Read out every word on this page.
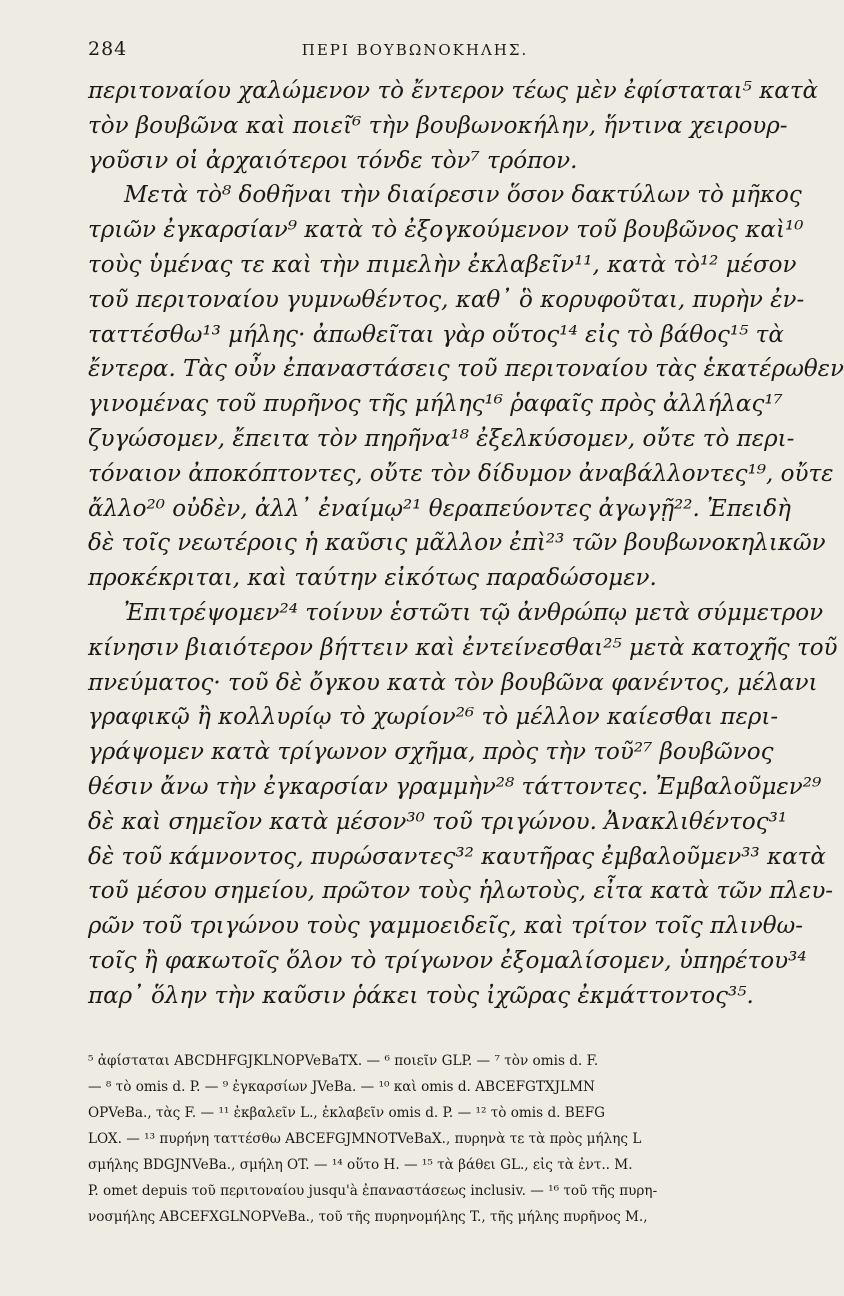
284	ΠΕΡΙ ΒΟΥΒΩΝΟΚΗΛΗΣ.
περιτοναίου χαλώμενον τὸ ἔντερον τέως μὲν ἐφίσταται⁵ κατὰ
τὸν βουβῶνα καὶ ποιεῖ⁶ τὴν βουβωνοκήλην, ἥντινα χειρουρ-
γοῦσιν οἱ ἀρχαιότεροι τόνδε τὸν⁷ τρόπον.
Μετὰ τὸ⁸ δοθῆναι τὴν διαίρεσιν ὅσον δακτύλων τὸ μῆκος
τριῶν ἐγκαρσίαν⁹ κατὰ τὸ ἐξογκούμενον τοῦ βουβῶνος καὶ¹⁰
τοὺς ὑμένας τε καὶ τὴν πιμελὴν ἐκλαβεῖν¹¹, κατὰ τὸ¹² μέσον
τοῦ περιτοναίου γυμνωθέντος, καθ᾽ ὃ κορυφοῦται, πυρὴν ἐν-
ταττέσθω¹³ μήλης· ἀπωθεῖται γὰρ οὕτος¹⁴ εἰς τὸ βάθος¹⁵ τὰ
ἔντερα. Τὰς οὖν ἐπαναστάσεις τοῦ περιτοναίου τὰς ἑκατέρωθεν
γινομένας τοῦ πυρῆνος τῆς μήλης¹⁶ ῥαφαῖς πρὸς ἀλλήλας¹⁷
ζυγώσομεν, ἔπειτα τὸν πηρῆνα¹⁸ ἐξελκύσομεν, οὔτε τὸ περι-
τόναιον ἀποκόπτοντες, οὔτε τὸν δίδυμον ἀναβάλλοντες¹⁹, οὔτε
ἄλλο²⁰ οὐδὲν, ἀλλ᾽ ἐναίμῳ²¹ θεραπεύοντες ἀγωγῇ²². Ἐπειδὴ
δὲ τοῖς νεωτέροις ἡ καῦσις μᾶλλον ἐπὶ²³ τῶν βουβωνοκηλικῶν
προκέκριται, καὶ ταύτην εἰκότως παραδώσομεν.
Ἐπιτρέψομεν²⁴ τοίνυν ἑστῶτι τῷ ἀνθρώπῳ μετὰ σύμμετρον
κίνησιν βιαιότερον βήττειν καὶ ἐντείνεσθαι²⁵ μετὰ κατοχῆς τοῦ
πνεύματος· τοῦ δὲ ὄγκου κατὰ τὸν βουβῶνα φανέντος, μέλανι
γραφικῷ ἢ κολλυρίῳ τὸ χωρίον²⁶ τὸ μέλλον καίεσθαι περι-
γράψομεν κατὰ τρίγωνον σχῆμα, πρὸς τὴν τοῦ²⁷ βουβῶνος
θέσιν ἄνω τὴν ἐγκαρσίαν γραμμὴν²⁸ τάττοντες. Ἐμβαλοῦμεν²⁹
δὲ καὶ σημεῖον κατὰ μέσον³⁰ τοῦ τριγώνου. Ἀνακλιθέντος³¹
δὲ τοῦ κάμνοντος, πυρώσαντες³² καυτῆρας ἐμβαλοῦμεν³³ κατὰ
τοῦ μέσου σημείου, πρῶτον τοὺς ἡλωτοὺς, εἶτα κατὰ τῶν πλευ-
ρῶν τοῦ τριγώνου τοὺς γαμμοειδεῖς, καὶ τρίτον τοῖς πλινθω-
τοῖς ἢ φακωτοῖς ὅλον τὸ τρίγωνον ἐξομαλίσομεν, ὑπηρέτου³⁴
παρ᾽ ὅλην τὴν καῦσιν ῥάκει τοὺς ἰχῶρας ἐκμάττοντος³⁵.
⁵ ἀφίσταται ABCDHFGJKLNOPVeBaTX. — ⁶ ποιεῖν GLP. — ⁷ τὸν omis d. F.
— ⁸ τὸ omis d. P. — ⁹ ἐγκαρσίων JVeBa. — ¹⁰ καὶ omis d. ABCEFGTXJLMN
OPVeBa., τὰς F. — ¹¹ ἐκβαλεῖν L., ἐκλαβεῖν omis d. P. — ¹² τὸ omis d. BEFG
LOX. — ¹³ πυρήνη ταττέσθω ABCEFGJMNOTVeBaX., πυρηνὰ τε τὰ πρὸς μήλης L
σμήλης BDGJNVeBa., σμήλη OT. — ¹⁴ οὕτο H. — ¹⁵ τὰ βάθει GL., εἰς τὰ ἐντ.. M.
P. omet depuis τοῦ περιτοναίου jusqu'à ἐπαναστάσεως inclusiv. — ¹⁶ τοῦ τῆς πυρη-
νοσμήλης ABCEFXGLNOPVeBa., τοῦ τῆς πυρηνομήλης T., τῆς μήλης πυρῆνος M.,
